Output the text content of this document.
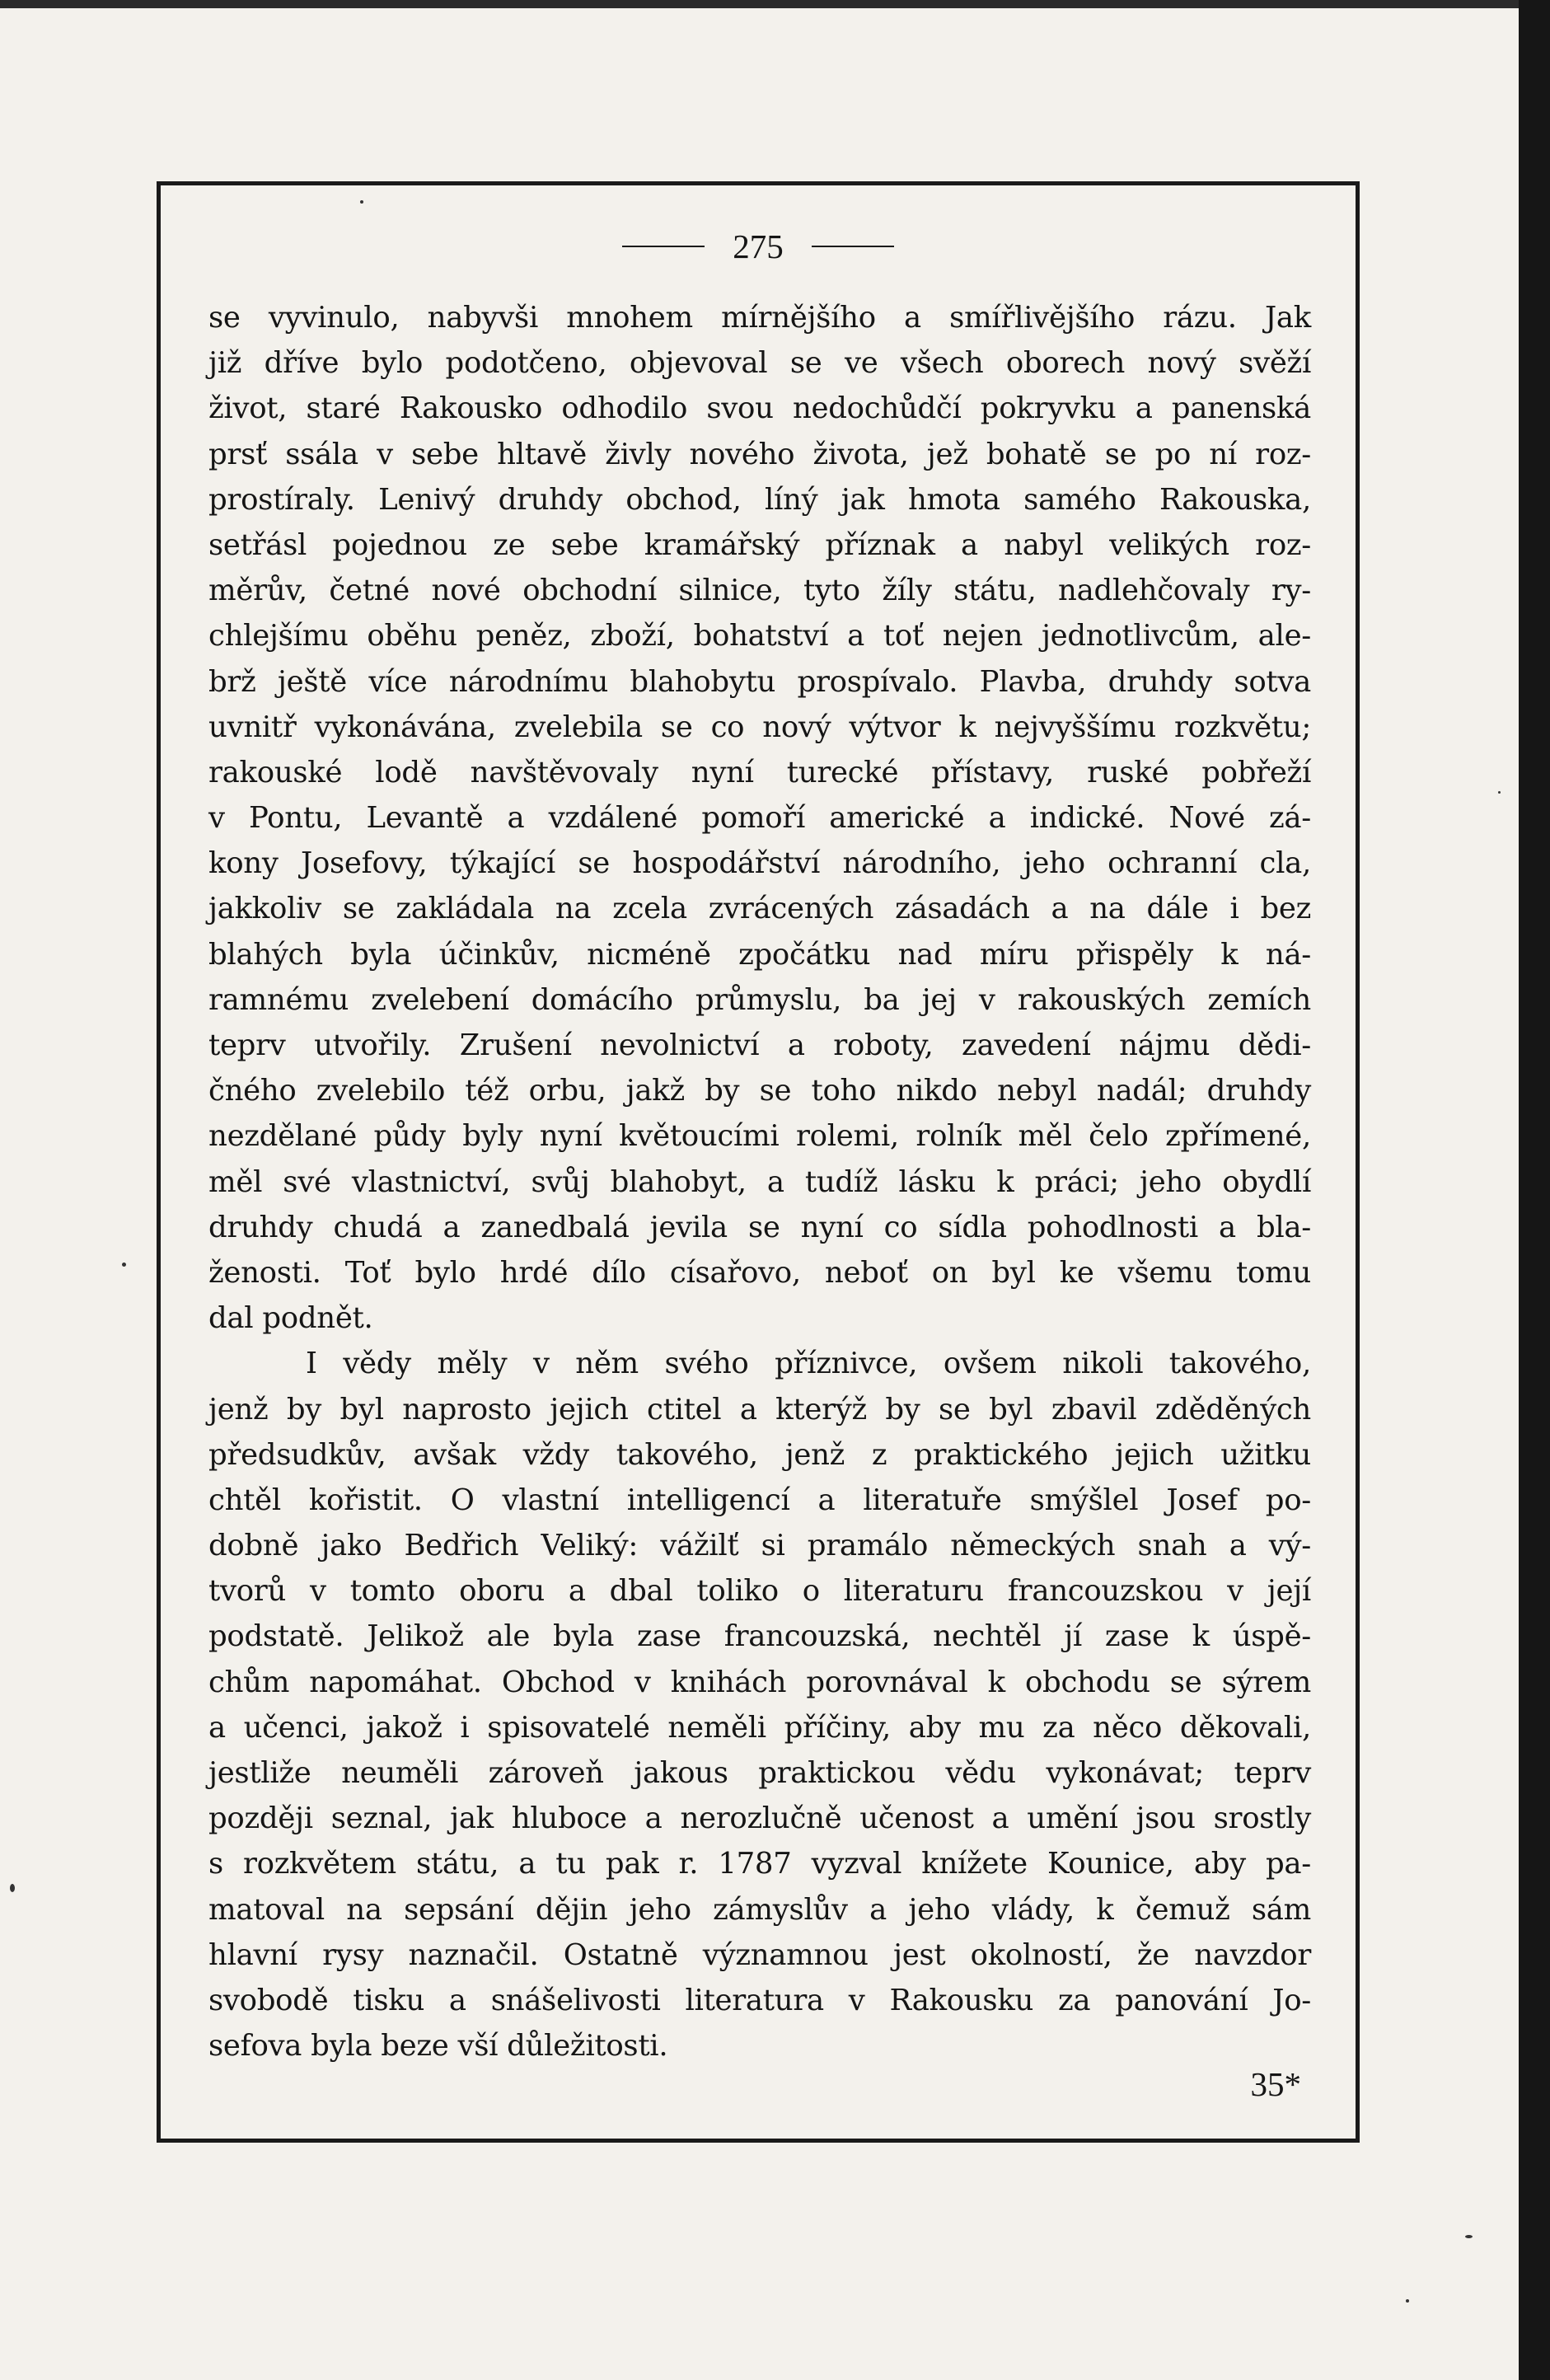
275
se vyvinulo, nabyvši mnohem mírnějšího a smířlivějšího rázu. Jak
již dříve bylo podotčeno, objevoval se ve všech oborech nový svěží
život, staré Rakousko odhodilo svou nedochůdčí pokryvku a panenská
prsť ssála v sebe hltavě živly nového života, jež bohatě se po ní roz-
prostíraly. Lenivý druhdy obchod, líný jak hmota samého Rakouska,
setřásl pojednou ze sebe kramářský příznak a nabyl velikých roz-
měrův, četné nové obchodní silnice, tyto žíly státu, nadlehčovaly ry-
chlejšímu oběhu peněz, zboží, bohatství a toť nejen jednotlivcům, ale-
brž ještě více národnímu blahobytu prospívalo. Plavba, druhdy sotva
uvnitř vykonávána, zvelebila se co nový výtvor k nejvyššímu rozkvětu;
rakouské lodě navštěvovaly nyní turecké přístavy, ruské pobřeží
v Pontu, Levantě a vzdálené pomoří americké a indické. Nové zá-
kony Josefovy, týkající se hospodářství národního, jeho ochranní cla,
jakkoliv se zakládala na zcela zvrácených zásadách a na dále i bez
blahých byla účinkův, nicméně zpočátku nad míru přispěly k ná-
ramnému zvelebení domácího průmyslu, ba jej v rakouských zemích
teprv utvořily. Zrušení nevolnictví a roboty, zavedení nájmu dědi-
čného zvelebilo též orbu, jakž by se toho nikdo nebyl nadál; druhdy
nezdělané půdy byly nyní květoucími rolemi, rolník měl čelo zpřímené,
měl své vlastnictví, svůj blahobyt, a tudíž lásku k práci; jeho obydlí
druhdy chudá a zanedbalá jevila se nyní co sídla pohodlnosti a bla-
ženosti. Toť bylo hrdé dílo císařovo, neboť on byl ke všemu tomu
dal podnět.
I vědy měly v něm svého příznivce, ovšem nikoli takového,
jenž by byl naprosto jejich ctitel a kterýž by se byl zbavil zděděných
předsudkův, avšak vždy takového, jenž z praktického jejich užitku
chtěl kořistit. O vlastní intelligencí a literatuře smýšlel Josef po-
dobně jako Bedřich Veliký: vážilť si pramálo německých snah a vý-
tvorů v tomto oboru a dbal toliko o literaturu francouzskou v její
podstatě. Jelikož ale byla zase francouzská, nechtěl jí zase k úspě-
chům napomáhat. Obchod v knihách porovnával k obchodu se sýrem
a učenci, jakož i spisovatelé neměli příčiny, aby mu za něco děkovali,
jestliže neuměli zároveň jakous praktickou vědu vykonávat; teprv
později seznal, jak hluboce a nerozlučně učenost a umění jsou srostly
s rozkvětem státu, a tu pak r. 1787 vyzval knížete Kounice, aby pa-
matoval na sepsání dějin jeho zámyslův a jeho vlády, k čemuž sám
hlavní rysy naznačil. Ostatně významnou jest okolností, že navzdor
svobodě tisku a snášelivosti literatura v Rakousku za panování Jo-
sefova byla beze vší důležitosti.
35*
